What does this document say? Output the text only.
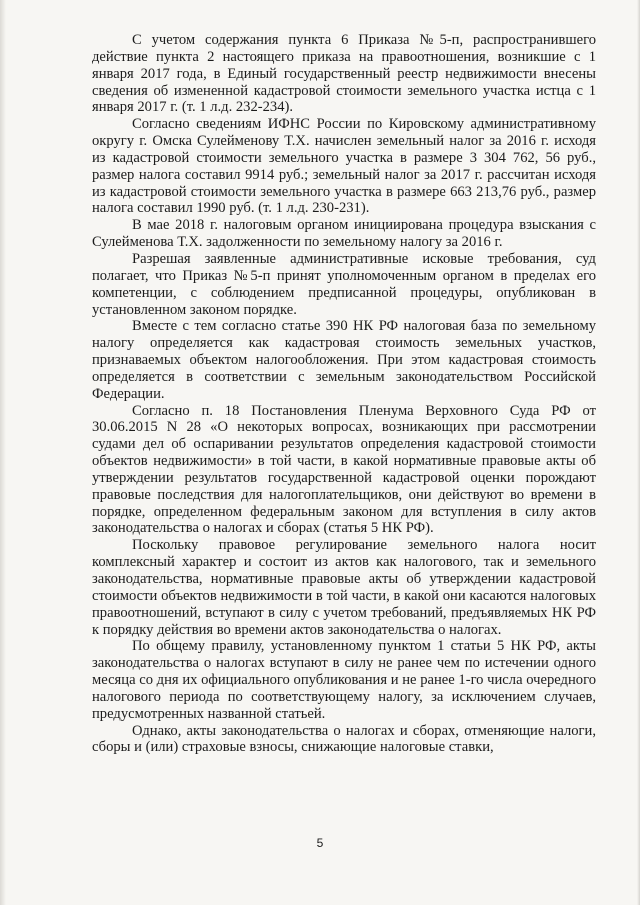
С учетом содержания пункта 6 Приказа №5-п, распространившего действие пункта 2 настоящего приказа на правоотношения, возникшие с 1 января 2017 года, в Единый государственный реестр недвижимости внесены сведения об измененной кадастровой стоимости земельного участка истца с 1 января 2017 г. (т. 1 л.д. 232-234).

Согласно сведениям ИФНС России по Кировскому административному округу г. Омска Сулейменову Т.Х. начислен земельный налог за 2016 г. исходя из кадастровой стоимости земельного участка в размере 3 304 762, 56 руб., размер налога составил 9914 руб.; земельный налог за 2017 г. рассчитан исходя из кадастровой стоимости земельного участка в размере 663 213,76 руб., размер налога составил 1990 руб. (т. 1 л.д. 230-231).

В мае 2018 г. налоговым органом инициирована процедура взыскания с Сулейменова Т.Х. задолженности по земельному налогу за 2016 г.

Разрешая заявленные административные исковые требования, суд полагает, что Приказ №5-п принят уполномоченным органом в пределах его компетенции, с соблюдением предписанной процедуры, опубликован в установленном законом порядке.

Вместе с тем согласно статье 390 НК РФ налоговая база по земельному налогу определяется как кадастровая стоимость земельных участков, признаваемых объектом налогообложения. При этом кадастровая стоимость определяется в соответствии с земельным законодательством Российской Федерации.

Согласно п. 18 Постановления Пленума Верховного Суда РФ от 30.06.2015 N 28 «О некоторых вопросах, возникающих при рассмотрении судами дел об оспаривании результатов определения кадастровой стоимости объектов недвижимости» в той части, в какой нормативные правовые акты об утверждении результатов государственной кадастровой оценки порождают правовые последствия для налогоплательщиков, они действуют во времени в порядке, определенном федеральным законом для вступления в силу актов законодательства о налогах и сборах (статья 5 НК РФ).

Поскольку правовое регулирование земельного налога носит комплексный характер и состоит из актов как налогового, так и земельного законодательства, нормативные правовые акты об утверждении кадастровой стоимости объектов недвижимости в той части, в какой они касаются налоговых правоотношений, вступают в силу с учетом требований, предъявляемых НК РФ к порядку действия во времени актов законодательства о налогах.

По общему правилу, установленному пунктом 1 статьи 5 НК РФ, акты законодательства о налогах вступают в силу не ранее чем по истечении одного месяца со дня их официального опубликования и не ранее 1-го числа очередного налогового периода по соответствующему налогу, за исключением случаев, предусмотренных названной статьей.

Однако, акты законодательства о налогах и сборах, отменяющие налоги, сборы и (или) страховые взносы, снижающие налоговые ставки,

5
